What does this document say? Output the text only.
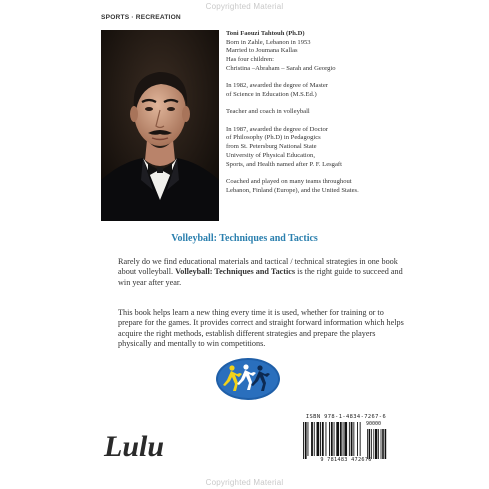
Copyrighted Material
SPORTS · RECREATION

Toni Faouzi Tahtouh (Ph.D)

Born in Zahle, Lebanon in 1953

Married to Joumana Kallas

Has four children:

Christina –Abraham – Sarah and Georgio

In 1982, awarded the degree of Master

of Science in Education (M.S.Ed.)

Teacher and coach in volleyball

In 1987, awarded the degree of Doctor

of Philosophy (Ph.D) in Pedagogics

from St. Petersburg National State

University of Physical Education,

Sports, and Health named after P. F. Lesgaft

Coached and played on many teams throughout

Lebanon, Finland (Europe), and the United States.

Volleyball: Techniques and Tactics
Rarely do we find educational materials and tactical / technical strategies in one book about volleyball. Volleyball: Techniques and Tactics is the right guide to succeed and win year after year.
This book helps learn a new thing every time it is used, whether for training or to prepare for the games. It provides correct and straight forward information which helps acquire the right methods, establish different strategies and prepare the players physically and mentally to win competitions.
Lulu
ISBN 978-1-4834-7267-6
90000
9 781483 472676
Copyrighted Material
